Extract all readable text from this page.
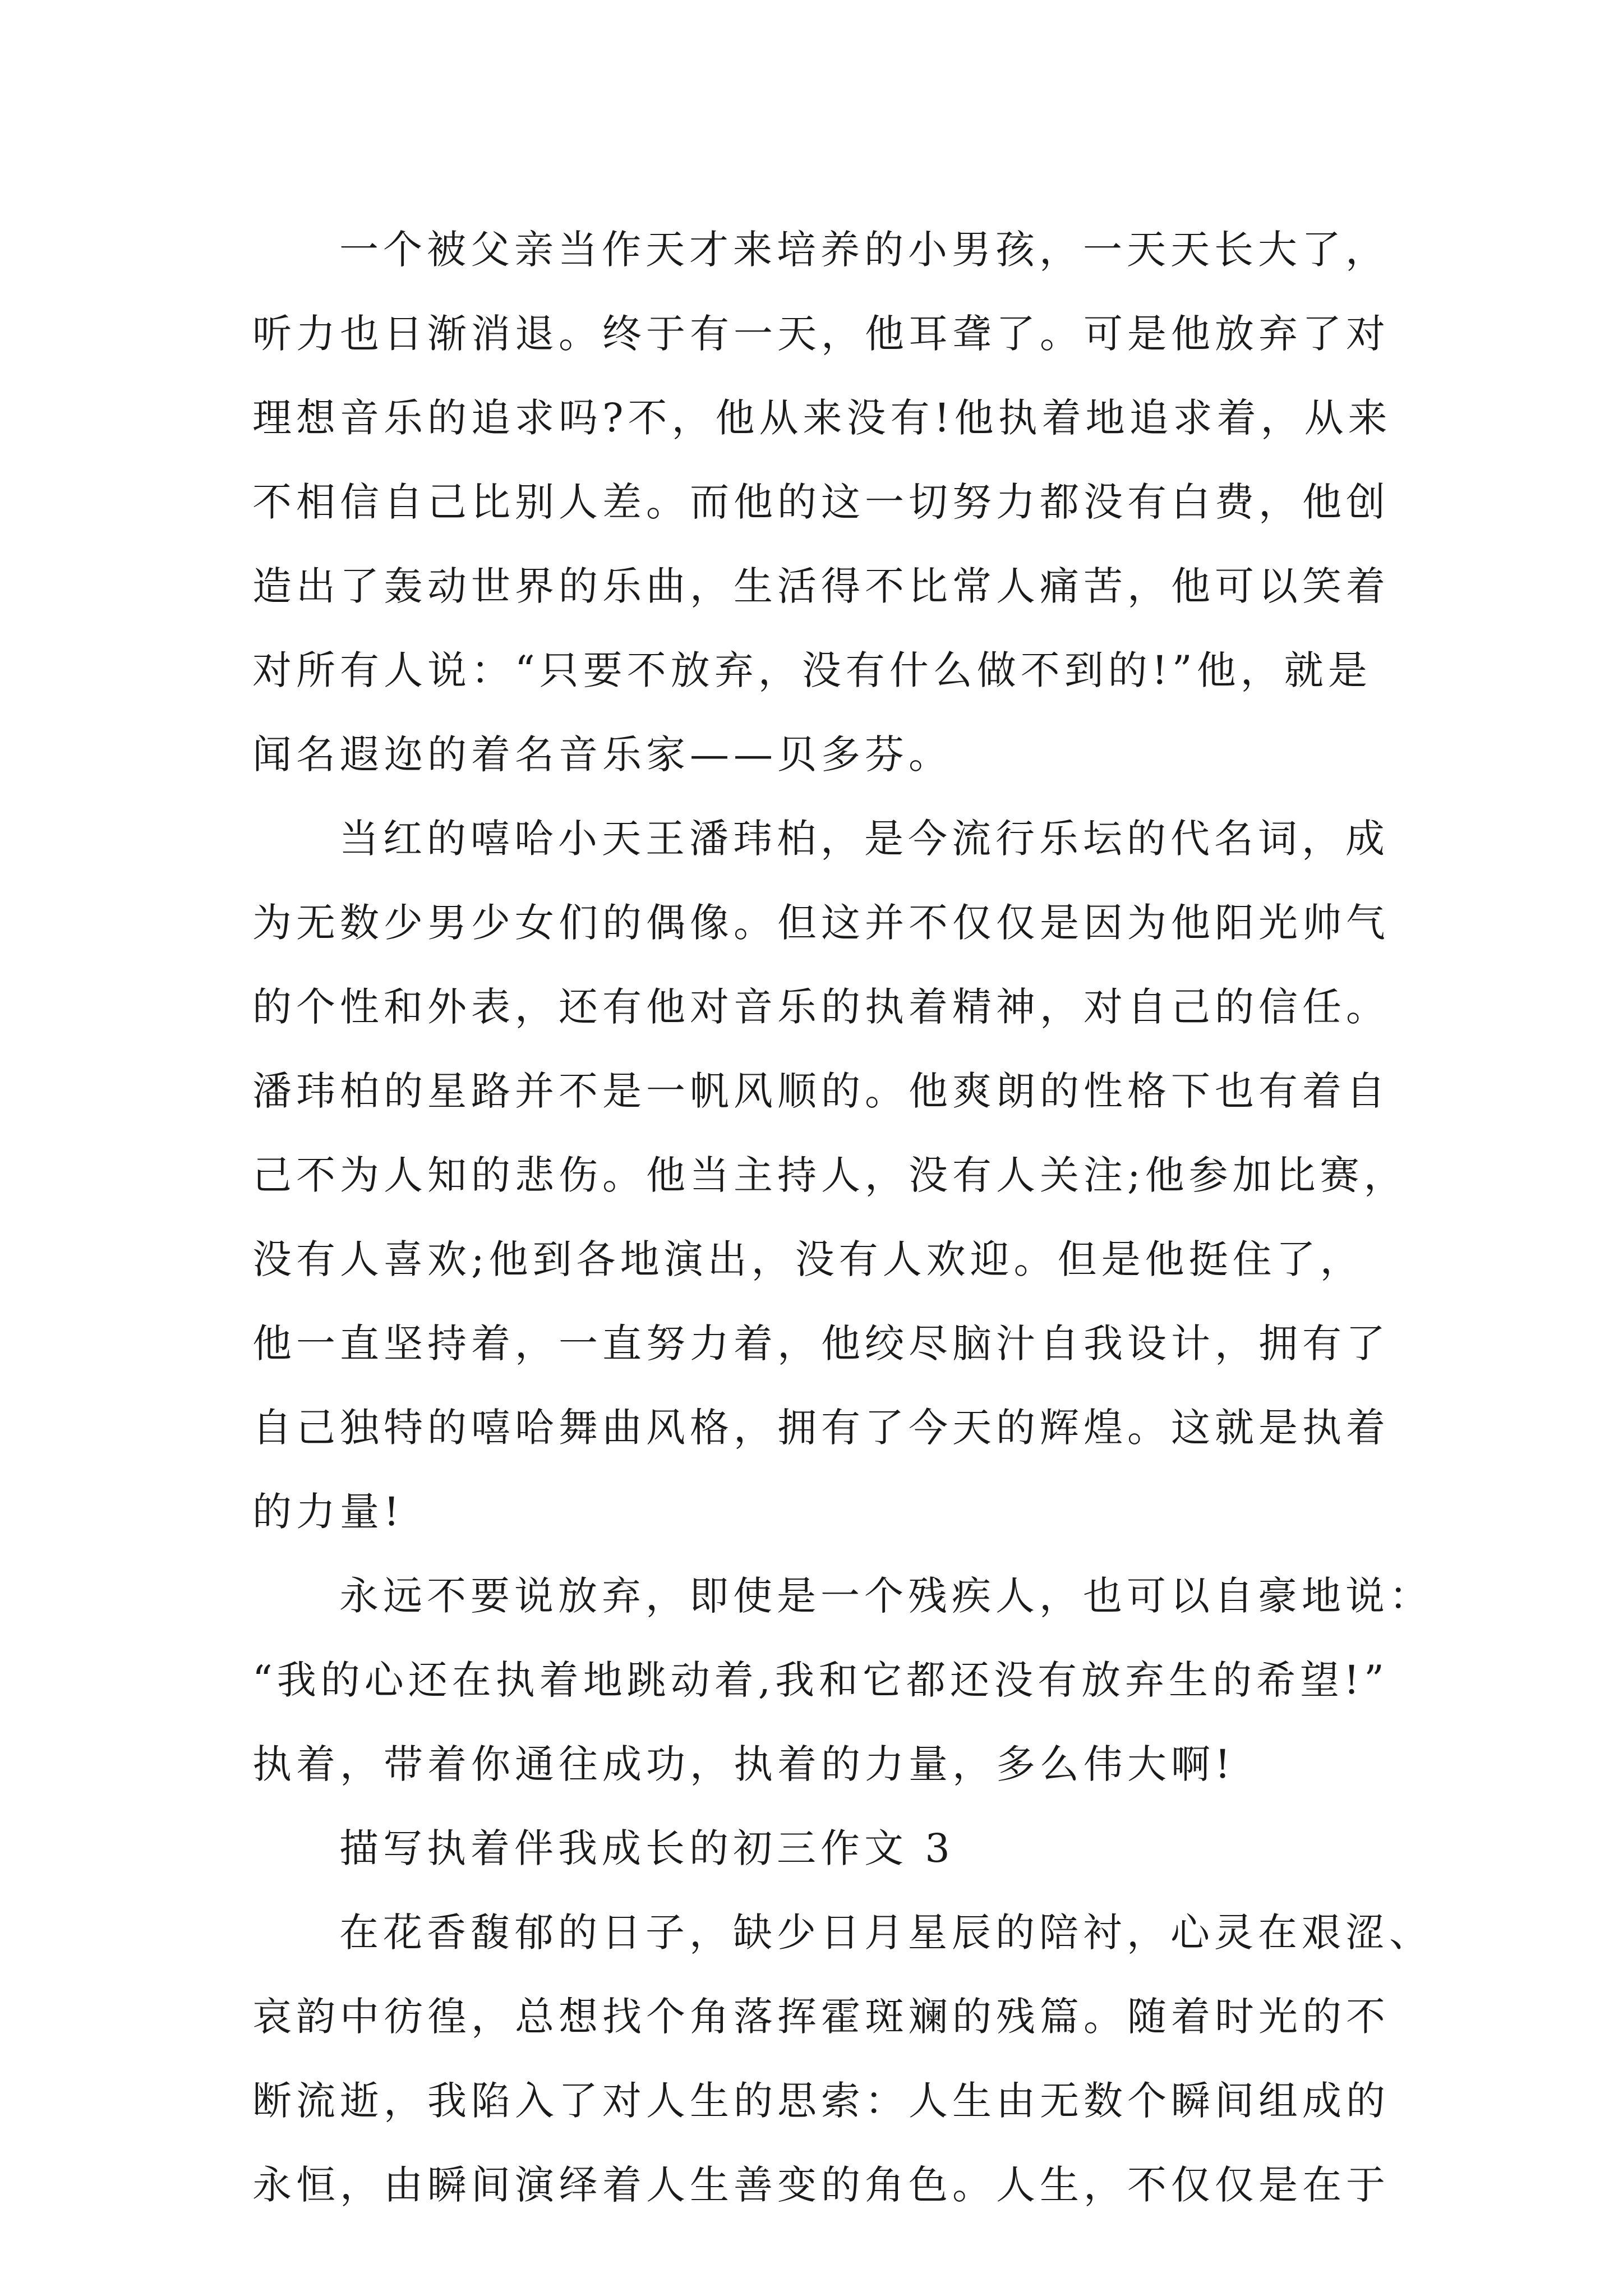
一个被父亲当作天才来培养的小男孩，一天天长大了，
听力也日渐消退。终于有一天，他耳聋了。可是他放弃了对
理想音乐的追求吗?不，他从来没有!他执着地追求着，从来
不相信自己比别人差。而他的这一切努力都没有白费，他创
造出了轰动世界的乐曲，生活得不比常人痛苦，他可以笑着
对所有人说：“只要不放弃，没有什么做不到的!”他，就是
闻名遐迩的着名音乐家——贝多芬。
当红的嘻哈小天王潘玮柏，是今流行乐坛的代名词，成
为无数少男少女们的偶像。但这并不仅仅是因为他阳光帅气
的个性和外表，还有他对音乐的执着精神，对自己的信任。
潘玮柏的星路并不是一帆风顺的。他爽朗的性格下也有着自
己不为人知的悲伤。他当主持人，没有人关注;他参加比赛，
没有人喜欢;他到各地演出，没有人欢迎。但是他挺住了，
他一直坚持着，一直努力着，他绞尽脑汁自我设计，拥有了
自己独特的嘻哈舞曲风格，拥有了今天的辉煌。这就是执着
的力量!
永远不要说放弃，即使是一个残疾人，也可以自豪地说：
“我的心还在执着地跳动着,我和它都还没有放弃生的希望!”
执着，带着你通往成功，执着的力量，多么伟大啊!
描写执着伴我成长的初三作文 3
在花香馥郁的日子，缺少日月星辰的陪衬，心灵在艰涩、
哀韵中彷徨，总想找个角落挥霍斑斓的残篇。随着时光的不
断流逝，我陷入了对人生的思索：人生由无数个瞬间组成的
永恒，由瞬间演绎着人生善变的角色。人生，不仅仅是在于
